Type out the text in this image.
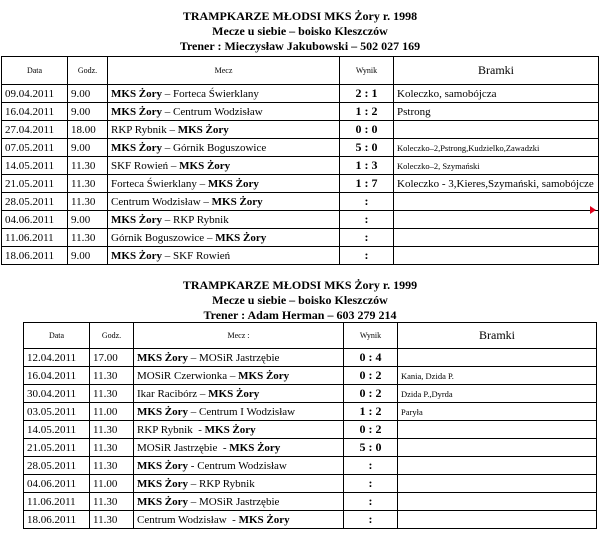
TRAMPKARZE MŁODSI MKS Żory r. 1998
Mecze u siebie – boisko Kleszczów
Trener : Mieczysław Jakubowski – 502 027 169
Data	Godz.	Mecz	Wynik	Bramki
09.04.2011	9.00	MKS Żory – Forteca Świerklany	2 : 1	Koleczko, samobójcza
16.04.2011	9.00	MKS Żory – Centrum Wodzisław	1 : 2	Pstrong
27.04.2011	18.00	RKP Rybnik – MKS Żory	0 : 0	
07.05.2011	9.00	MKS Żory – Górnik Boguszowice	5 : 0	Koleczko–2,Pstrong,Kudzielko,Zawadzki
14.05.2011	11.30	SKF Rowień – MKS Żory	1 : 3	Koleczko–2, Szymański
21.05.2011	11.30	Forteca Świerklany – MKS Żory	1 : 7	Koleczko - 3,Kieres,Szymański, samobójcze
28.05.2011	11.30	Centrum Wodzisław – MKS Żory	:	
04.06.2011	9.00	MKS Żory – RKP Rybnik	:	
11.06.2011	11.30	Górnik Boguszowice – MKS Żory	:	
18.06.2011	9.00	MKS Żory – SKF Rowień	:	
TRAMPKARZE MŁODSI MKS Żory r. 1999
Mecze u siebie – boisko Kleszczów
Trener : Adam Herman – 603 279 214
Data	Godz.	Mecz :	Wynik	Bramki
12.04.2011	17.00	MKS Żory – MOSiR Jastrzębie	0 : 4	
16.04.2011	11.30	MOSiR Czerwionka – MKS Żory	0 : 2	Kania, Dzida P.
30.04.2011	11.30	Ikar Racibórz – MKS Żory	0 : 2	Dzida P.,Dyrda
03.05.2011	11.00	MKS Żory – Centrum I Wodzisław	1 : 2	Paryła
14.05.2011	11.30	RKP Rybnik  - MKS Żory	0 : 2	
21.05.2011	11.30	MOSiR Jastrzębie  - MKS Żory	5 : 0	
28.05.2011	11.30	MKS Żory - Centrum Wodzisław	:	
04.06.2011	11.00	MKS Żory – RKP Rybnik	:	
11.06.2011	11.30	MKS Żory – MOSiR Jastrzębie	:	
18.06.2011	11.30	Centrum Wodzisław  - MKS Żory	:	
